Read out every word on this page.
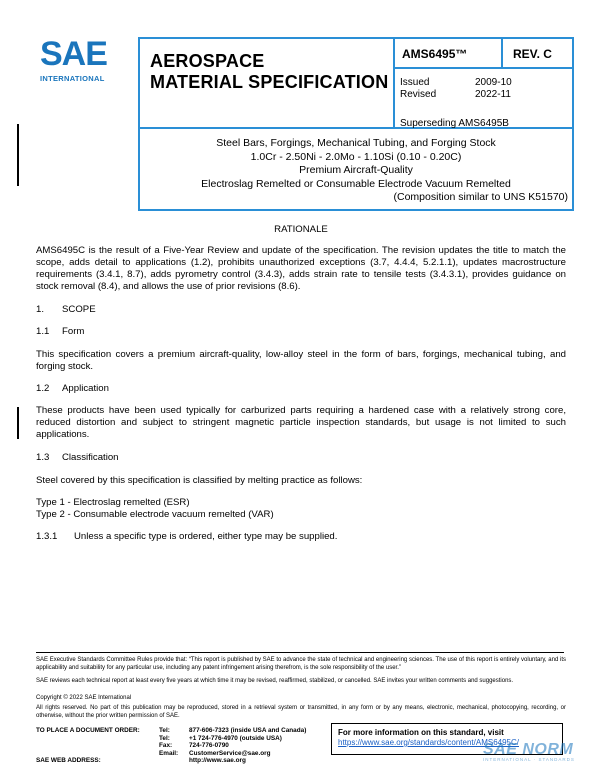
SAE
INTERNATIONAL
AEROSPACE
MATERIAL SPECIFICATION
AMS6495™	REV. C
Issued	2009-10
Revised	2022-11
Superseding AMS6495B
Steel Bars, Forgings, Mechanical Tubing, and Forging Stock
1.0Cr - 2.50Ni - 2.0Mo - 1.10Si (0.10 - 0.20C)
Premium Aircraft-Quality
Electroslag Remelted or Consumable Electrode Vacuum Remelted
(Composition similar to UNS K51570)
RATIONALE
AMS6495C is the result of a Five-Year Review and update of the specification. The revision updates the title to match the scope, adds detail to applications (1.2), prohibits unauthorized exceptions (3.7, 4.4.4, 5.2.1.1), updates macrostructure requirements (3.4.1, 8.7), adds pyrometry control (3.4.3), adds strain rate to tensile tests (3.4.3.1), provides guidance on stock removal (8.4), and allows the use of prior revisions (8.6).
1. SCOPE
1.1 Form
This specification covers a premium aircraft-quality, low-alloy steel in the form of bars, forgings, mechanical tubing, and forging stock.
1.2 Application
These products have been used typically for carburized parts requiring a hardened case with a relatively strong core, reduced distortion and subject to stringent magnetic particle inspection standards, but usage is not limited to such applications.
1.3 Classification
Steel covered by this specification is classified by melting practice as follows:
Type 1 - Electroslag remelted (ESR)
Type 2 - Consumable electrode vacuum remelted (VAR)
1.3.1 Unless a specific type is ordered, either type may be supplied.
SAE Executive Standards Committee Rules provide that: “This report is published by SAE to advance the state of technical and engineering sciences. The use of this report is entirely voluntary, and its applicability and suitability for any particular use, including any patent infringement arising therefrom, is the sole responsibility of the user.”
SAE reviews each technical report at least every five years at which time it may be revised, reaffirmed, stabilized, or cancelled. SAE invites your written comments and suggestions.
Copyright © 2022 SAE International
All rights reserved. No part of this publication may be reproduced, stored in a retrieval system or transmitted, in any form or by any means, electronic, mechanical, photocopying, recording, or otherwise, without the prior written permission of SAE.
TO PLACE A DOCUMENT ORDER:	Tel:	877-606-7323 (inside USA and Canada)
Tel:	+1 724-776-4970 (outside USA)
Fax:	724-776-0790
Email:	CustomerService@sae.org
SAE WEB ADDRESS:	http://www.sae.org
For more information on this standard, visit
https://www.sae.org/standards/content/AMS6495C/
SAE NORM
INTERNATIONAL · STANDARDS
